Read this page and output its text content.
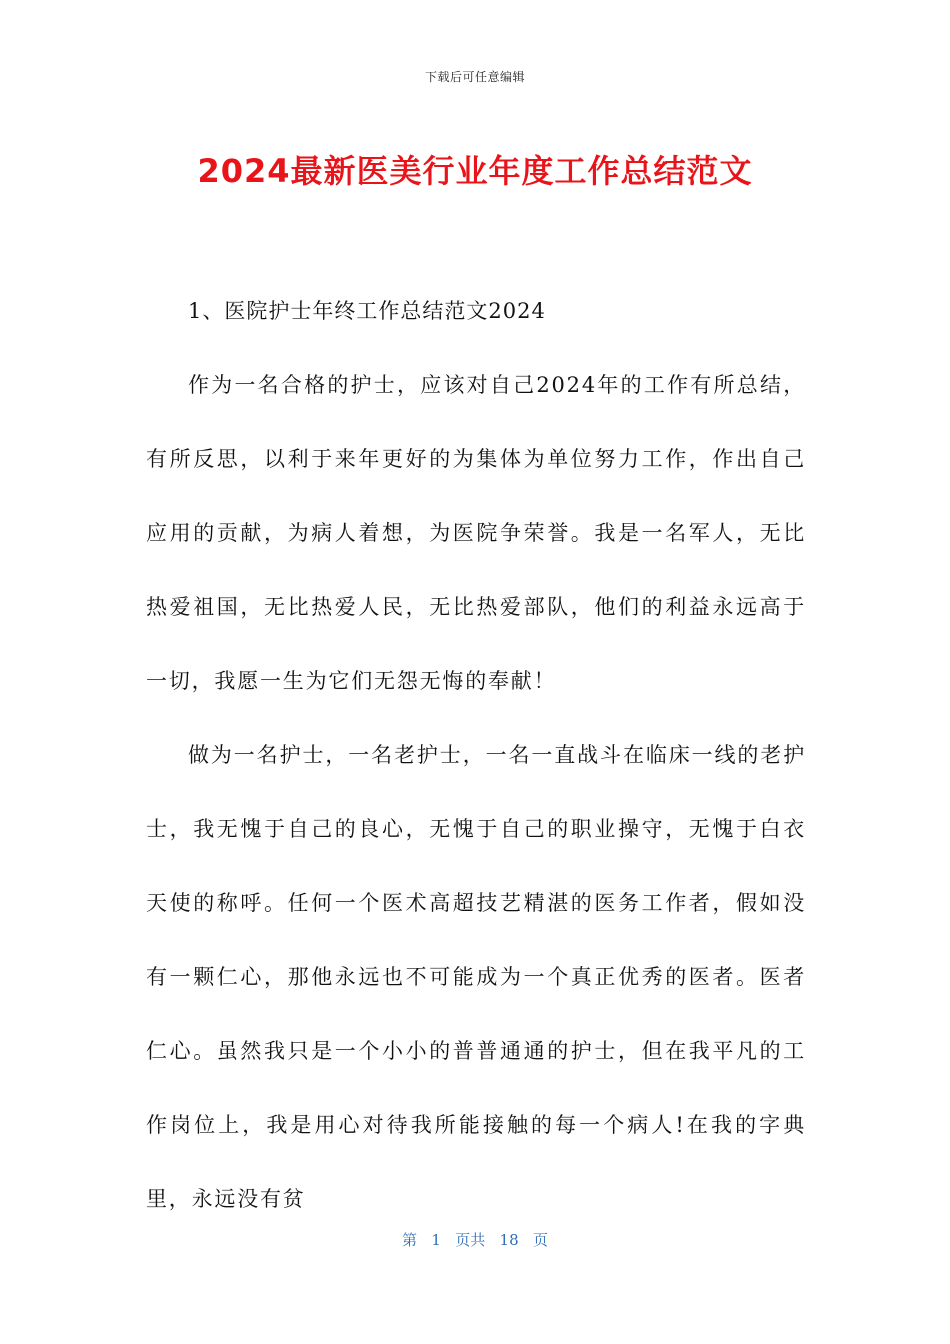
下载后可任意编辑
2024最新医美行业年度工作总结范文

1、医院护士年终工作总结范文2024

作为一名合格的护士，应该对自己2024年的工作有所总结，有所反思，以利于来年更好的为集体为单位努力工作，作出自己应用的贡献，为病人着想，为医院争荣誉。我是一名军人，无比热爱祖国，无比热爱人民，无比热爱部队，他们的利益永远高于一切，我愿一生为它们无怨无悔的奉献！

做为一名护士，一名老护士，一名一直战斗在临床一线的老护士，我无愧于自己的良心，无愧于自己的职业操守，无愧于白衣天使的称呼。任何一个医术高超技艺精湛的医务工作者，假如没有一颗仁心，那他永远也不可能成为一个真正优秀的医者。医者仁心。虽然我只是一个小小的普普通通的护士，但在我平凡的工作岗位上，我是用心对待我所能接触的每一个病人!在我的字典里，永远没有贫

第 1 页共 18 页
